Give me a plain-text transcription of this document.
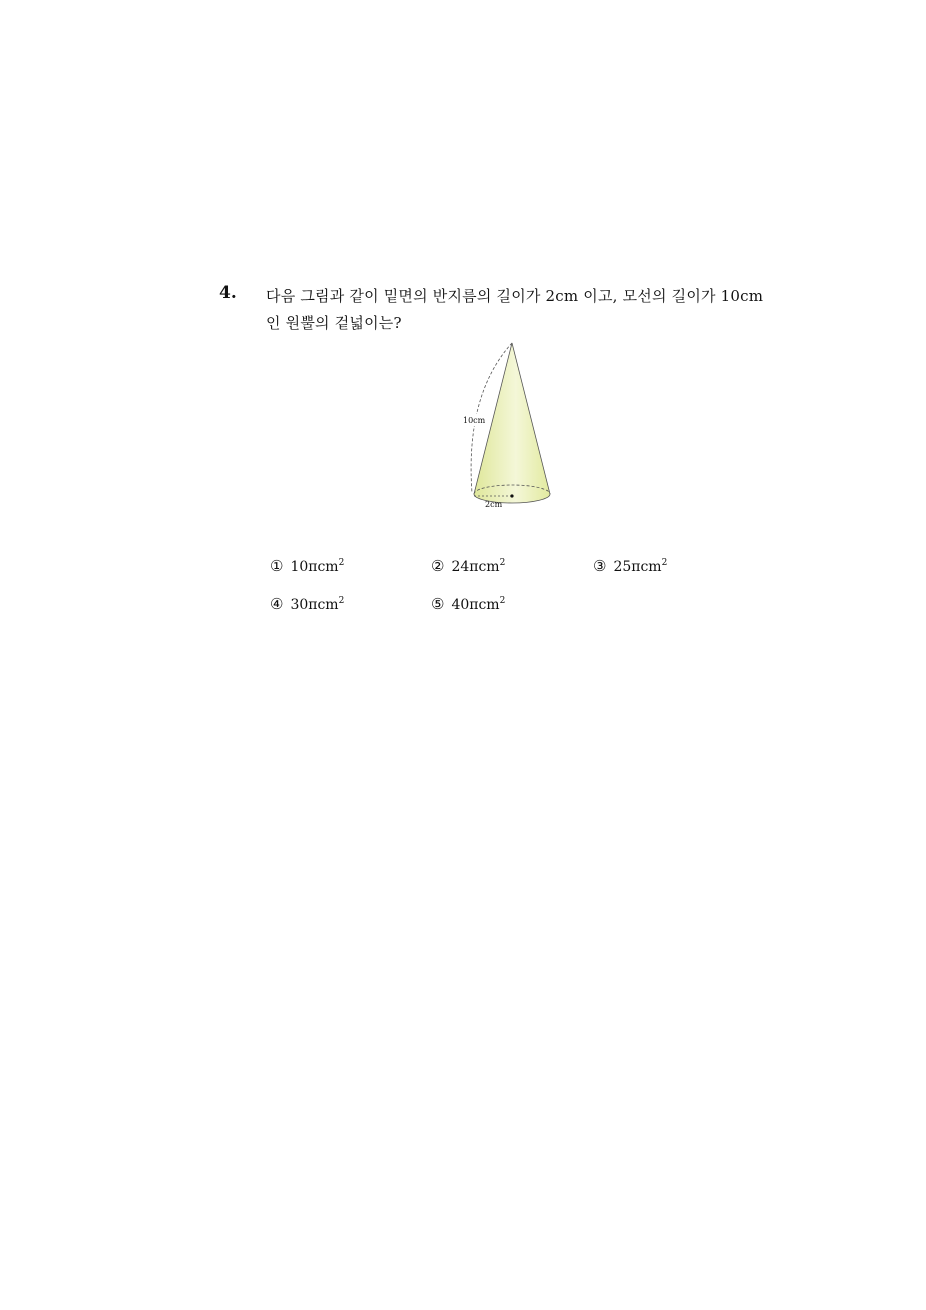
4. 다음 그림과 같이 밑면의 반지름의 길이가 2cm 이고, 모선의 길이가 10cm
인 원뿔의 겉넓이는?
10cm
2cm
① 10πcm$^2$	② 24πcm$^2$	③ 25πcm$^2$
④ 30πcm$^2$	⑤ 40πcm$^2$
